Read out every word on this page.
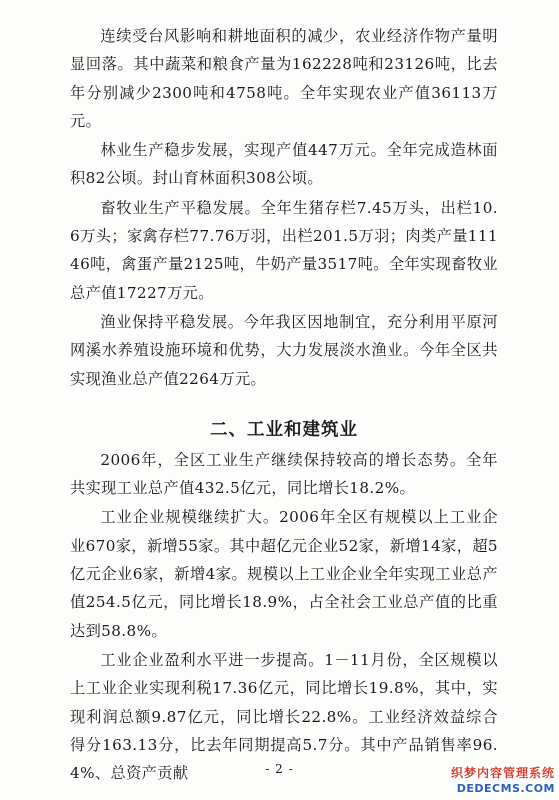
连续受台风影响和耕地面积的减少，农业经济作物产量明显回落。其中蔬菜和粮食产量为162228吨和23126吨，比去年分别减少2300吨和4758吨。全年实现农业产值36113万元。

林业生产稳步发展，实现产值447万元。全年完成造林面积82公顷。封山育林面积308公顷。

畜牧业生产平稳发展。全年生猪存栏7.45万头，出栏10.6万头；家禽存栏77.76万羽，出栏201.5万羽；肉类产量11146吨，禽蛋产量2125吨，牛奶产量3517吨。全年实现畜牧业总产值17227万元。

渔业保持平稳发展。今年我区因地制宜，充分利用平原河网溪水养殖设施环境和优势，大力发展淡水渔业。今年全区共实现渔业总产值2264万元。

二、工业和建筑业

2006年，全区工业生产继续保持较高的增长态势。全年共实现工业总产值432.5亿元，同比增长18.2%。

工业企业规模继续扩大。2006年全区有规模以上工业企业670家，新增55家。其中超亿元企业52家，新增14家，超5亿元企业6家，新增4家。规模以上工业企业全年实现工业总产值254.5亿元，同比增长18.9%，占全社会工业总产值的比重达到58.8%。

工业企业盈利水平进一步提高。1－11月份，全区规模以上工业企业实现利税17.36亿元，同比增长19.8%，其中，实现利润总额9.87亿元，同比增长22.8%。工业经济效益综合得分163.13分，比去年同期提高5.7分。其中产品销售率96.4%、总资产贡献	- 2 -	织梦内容管理系统
DEDECMS.COM
